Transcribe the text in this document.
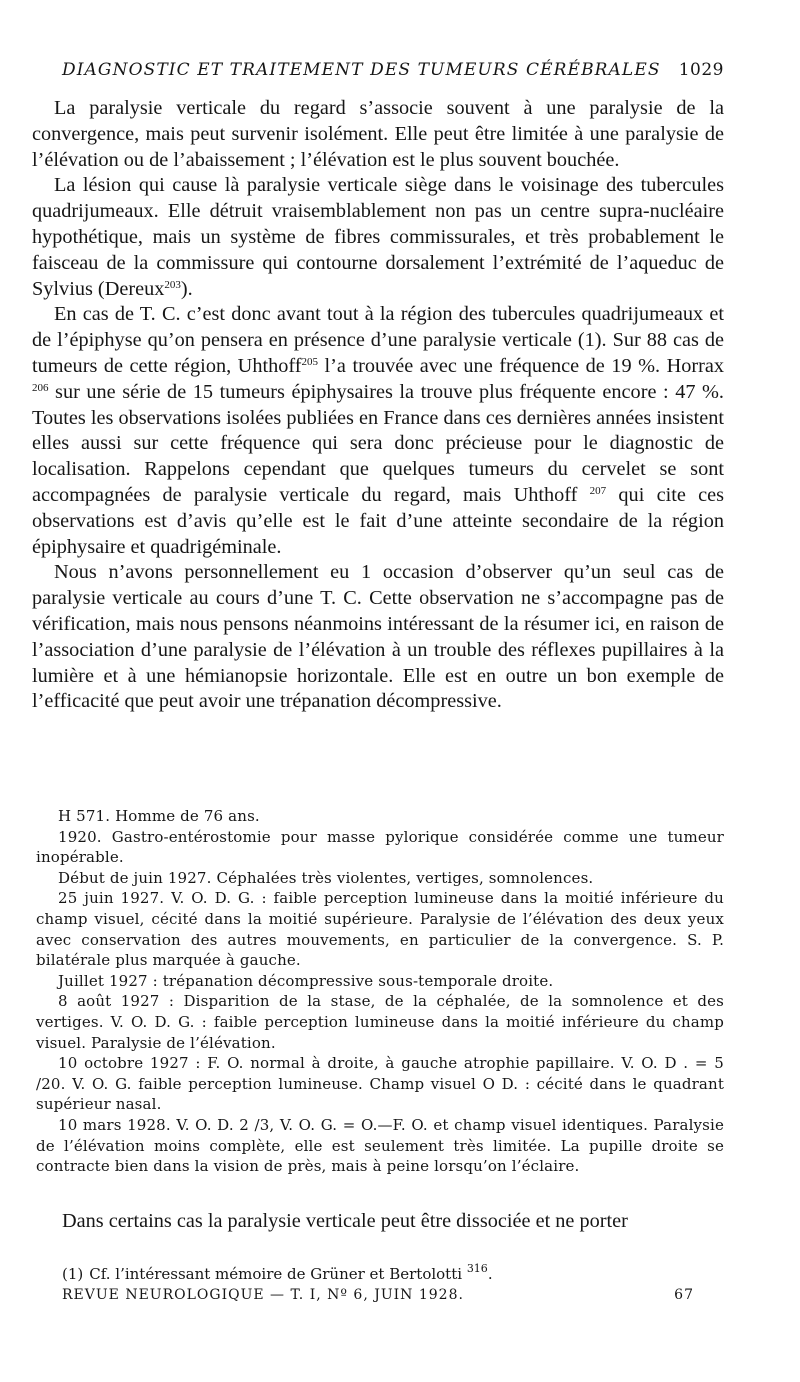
DIAGNOSTIC ET TRAITEMENT DES TUMEURS CÉRÉBRALES 1029

La paralysie verticale du regard s’associe souvent à une paralysie de la convergence, mais peut survenir isolément. Elle peut être limitée à une paralysie de l’élévation ou de l’abaissement ; l’élévation est le plus souvent bouchée.

La lésion qui cause là paralysie verticale siège dans le voisinage des tubercules quadrijumeaux. Elle détruit vraisemblablement non pas un centre supra-nucléaire hypothétique, mais un système de fibres commissurales, et très probablement le faisceau de la commissure qui contourne dorsalement l’extrémité de l’aqueduc de Sylvius (Dereux$^{203}$).

En cas de T. C. c’est donc avant tout à la région des tubercules quadrijumeaux et de l’épiphyse qu’on pensera en présence d’une paralysie verticale (1). Sur 88 cas de tumeurs de cette région, Uhthoff$^{205}$ l’a trouvée avec une fréquence de 19 %. Horrax $^{206}$ sur une série de 15 tumeurs épiphysaires la trouve plus fréquente encore : 47 %. Toutes les observations isolées publiées en France dans ces dernières années insistent elles aussi sur cette fréquence qui sera donc précieuse pour le diagnostic de localisation. Rappelons cependant que quelques tumeurs du cervelet se sont accompagnées de paralysie verticale du regard, mais Uhthoff $^{207}$ qui cite ces observations est d’avis qu’elle est le fait d’une atteinte secondaire de la région épiphysaire et quadrigéminale.

Nous n’avons personnellement eu 1 occasion d’observer qu’un seul cas de paralysie verticale au cours d’une T. C. Cette observation ne s’accompagne pas de vérification, mais nous pensons néanmoins intéressant de la résumer ici, en raison de l’association d’une paralysie de l’élévation à un trouble des réflexes pupillaires à la lumière et à une hémianopsie horizontale. Elle est en outre un bon exemple de l’efficacité que peut avoir une trépanation décompressive.

H 571. Homme de 76 ans.

1920. Gastro-entérostomie pour masse pylorique considérée comme une tumeur inopérable.

Début de juin 1927. Céphalées très violentes, vertiges, somnolences.

25 juin 1927. V. O. D. G. : faible perception lumineuse dans la moitié inférieure du champ visuel, cécité dans la moitié supérieure. Paralysie de l’élévation des deux yeux avec conservation des autres mouvements, en particulier de la convergence. S. P. bilatérale plus marquée à gauche.

Juillet 1927 : trépanation décompressive sous-temporale droite.

8 août 1927 : Disparition de la stase, de la céphalée, de la somnolence et des vertiges. V. O. D. G. : faible perception lumineuse dans la moitié inférieure du champ visuel. Paralysie de l’élévation.

10 octobre 1927 : F. O. normal à droite, à gauche atrophie papillaire. V. O. D . = 5 /20. V. O. G. faible perception lumineuse. Champ visuel O D. : cécité dans le quadrant supérieur nasal.

10 mars 1928. V. O. D. 2 /3, V. O. G. = O.—F. O. et champ visuel identiques. Paralysie de l’élévation moins complète, elle est seulement très limitée. La pupille droite se contracte bien dans la vision de près, mais à peine lorsqu’on l’éclaire.

Dans certains cas la paralysie verticale peut être dissociée et ne porter
(1) Cf. l’intéressant mémoire de Grüner et Bertolotti $^{316}$.
REVUE NEUROLOGIQUE — T. I, Nº 6, JUIN 1928.	67
